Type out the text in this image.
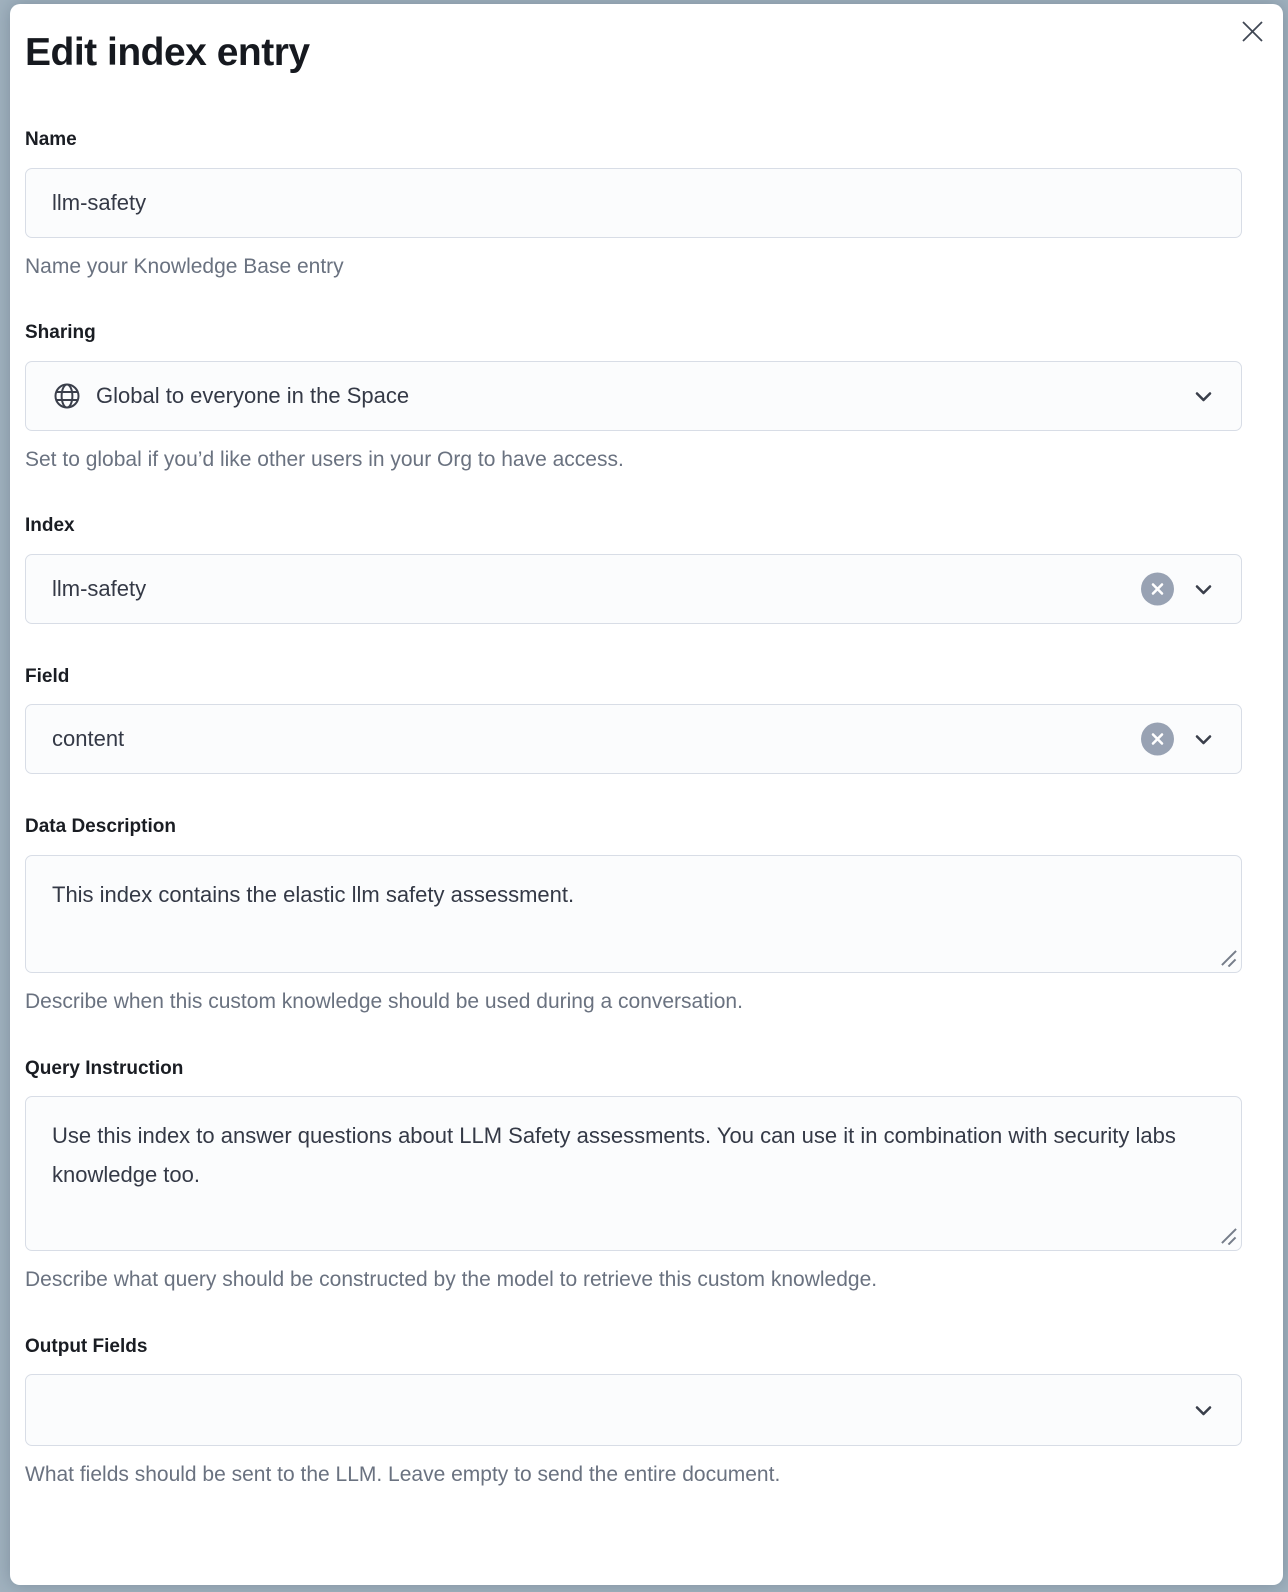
Edit index entry
Name
llm-safety
Name your Knowledge Base entry
Sharing
Global to everyone in the Space
Set to global if you’d like other users in your Org to have access.
Index
llm-safety
Field
content
Data Description
This index contains the elastic llm safety assessment.
Describe when this custom knowledge should be used during a conversation.
Query Instruction
Use this index to answer questions about LLM Safety assessments. You can use it in combination with security labs knowledge too.
Describe what query should be constructed by the model to retrieve this custom knowledge.
Output Fields
What fields should be sent to the LLM. Leave empty to send the entire document.
